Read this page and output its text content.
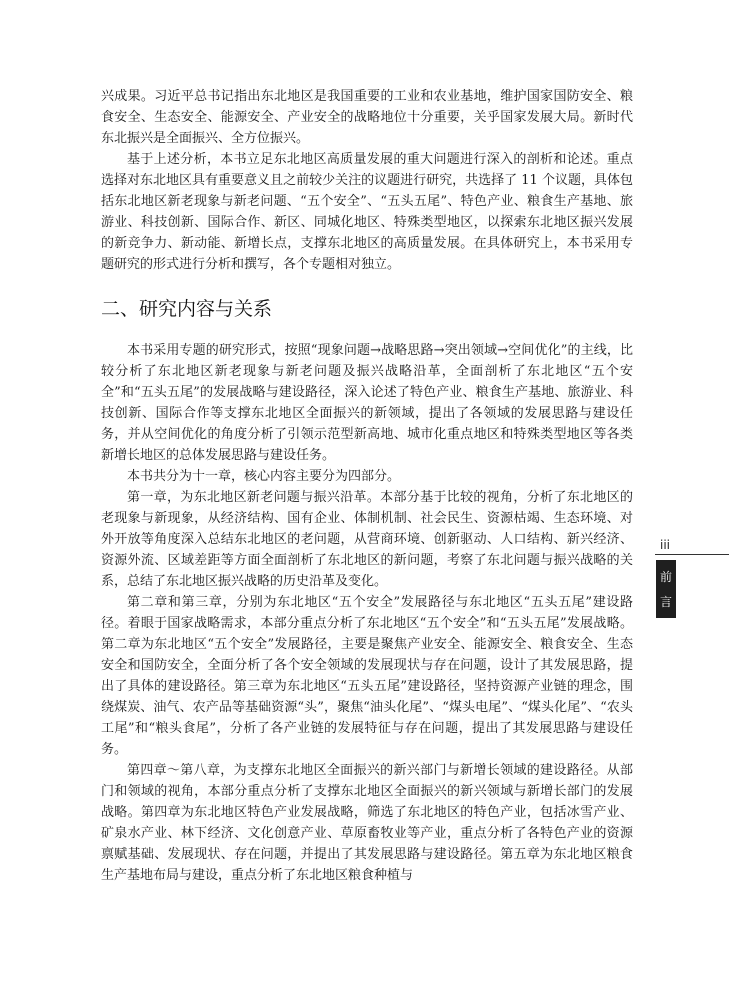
兴成果。习近平总书记指出东北地区是我国重要的工业和农业基地，维护国家国防安全、粮食安全、生态安全、能源安全、产业安全的战略地位十分重要，关乎国家发展大局。新时代东北振兴是全面振兴、全方位振兴。

基于上述分析，本书立足东北地区高质量发展的重大问题进行深入的剖析和论述。重点选择对东北地区具有重要意义且之前较少关注的议题进行研究，共选择了 11 个议题，具体包括东北地区新老现象与新老问题、“五个安全”、“五头五尾”、特色产业、粮食生产基地、旅游业、科技创新、国际合作、新区、同城化地区、特殊类型地区，以探索东北地区振兴发展的新竞争力、新动能、新增长点，支撑东北地区的高质量发展。在具体研究上，本书采用专题研究的形式进行分析和撰写，各个专题相对独立。

二、研究内容与关系

本书采用专题的研究形式，按照“现象问题→战略思路→突出领域→空间优化”的主线，比较分析了东北地区新老现象与新老问题及振兴战略沿革，全面剖析了东北地区“五个安全”和“五头五尾”的发展战略与建设路径，深入论述了特色产业、粮食生产基地、旅游业、科技创新、国际合作等支撑东北地区全面振兴的新领域，提出了各领域的发展思路与建设任务，并从空间优化的角度分析了引领示范型新高地、城市化重点地区和特殊类型地区等各类新增长地区的总体发展思路与建设任务。

本书共分为十一章，核心内容主要分为四部分。

第一章，为东北地区新老问题与振兴沿革。本部分基于比较的视角，分析了东北地区的老现象与新现象，从经济结构、国有企业、体制机制、社会民生、资源枯竭、生态环境、对外开放等角度深入总结东北地区的老问题，从营商环境、创新驱动、人口结构、新兴经济、资源外流、区域差距等方面全面剖析了东北地区的新问题，考察了东北问题与振兴战略的关系，总结了东北地区振兴战略的历史沿革及变化。

第二章和第三章，分别为东北地区“五个安全”发展路径与东北地区“五头五尾”建设路径。着眼于国家战略需求，本部分重点分析了东北地区“五个安全”和“五头五尾”发展战略。第二章为东北地区“五个安全”发展路径，主要是聚焦产业安全、能源安全、粮食安全、生态安全和国防安全，全面分析了各个安全领域的发展现状与存在问题，设计了其发展思路，提出了具体的建设路径。第三章为东北地区“五头五尾”建设路径，坚持资源产业链的理念，围绕煤炭、油气、农产品等基础资源“头”，聚焦“油头化尾”、“煤头电尾”、“煤头化尾”、“农头工尾”和“粮头食尾”，分析了各产业链的发展特征与存在问题，提出了其发展思路与建设任务。

第四章～第八章，为支撑东北地区全面振兴的新兴部门与新增长领域的建设路径。从部门和领域的视角，本部分重点分析了支撑东北地区全面振兴的新兴领域与新增长部门的发展战略。第四章为东北地区特色产业发展战略，筛选了东北地区的特色产业，包括冰雪产业、矿泉水产业、林下经济、文化创意产业、草原畜牧业等产业，重点分析了各特色产业的资源禀赋基础、发展现状、存在问题，并提出了其发展思路与建设路径。第五章为东北地区粮食生产基地布局与建设，重点分析了东北地区粮食种植与

iii
前
言
